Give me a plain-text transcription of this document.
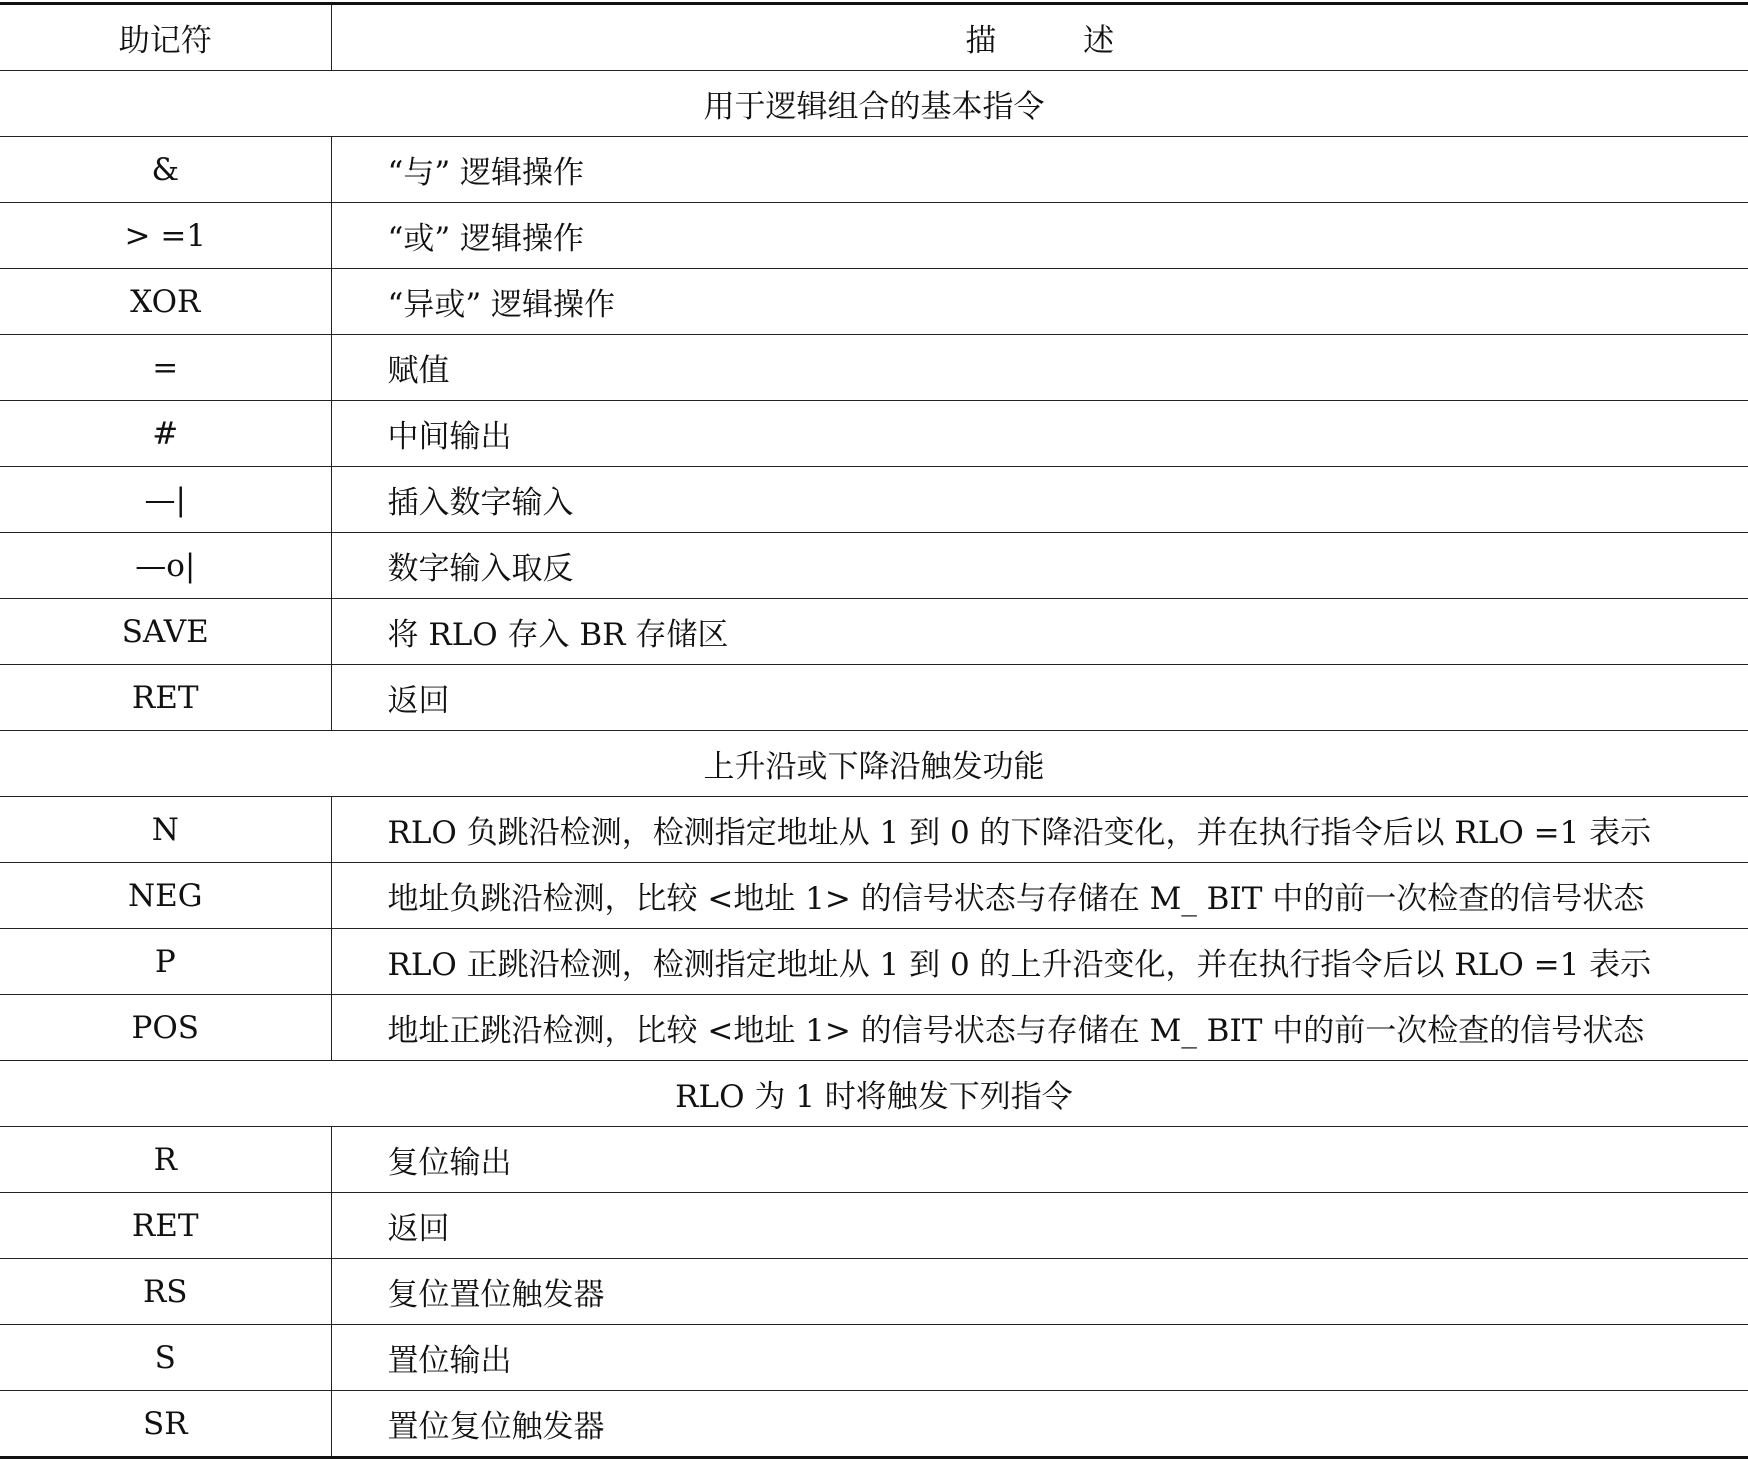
助记符	描　述
用于逻辑组合的基本指令	
&	“与” 逻辑操作
> =1	“或” 逻辑操作
XOR	“异或” 逻辑操作
=	赋值
#	中间输出
—|	插入数字输入
—o|	数字输入取反
SAVE	将 RLO 存入 BR 存储区
RET	返回
上升沿或下降沿触发功能	
N	RLO 负跳沿检测，检测指定地址从 1 到 0 的下降沿变化，并在执行指令后以 RLO =1 表示
NEG	地址负跳沿检测，比较 <地址 1> 的信号状态与存储在 M_ BIT 中的前一次检查的信号状态
P	RLO 正跳沿检测，检测指定地址从 1 到 0 的上升沿变化，并在执行指令后以 RLO =1 表示
POS	地址正跳沿检测，比较 <地址 1> 的信号状态与存储在 M_ BIT 中的前一次检查的信号状态
RLO 为 1 时将触发下列指令	
R	复位输出
RET	返回
RS	复位置位触发器
S	置位输出
SR	置位复位触发器
